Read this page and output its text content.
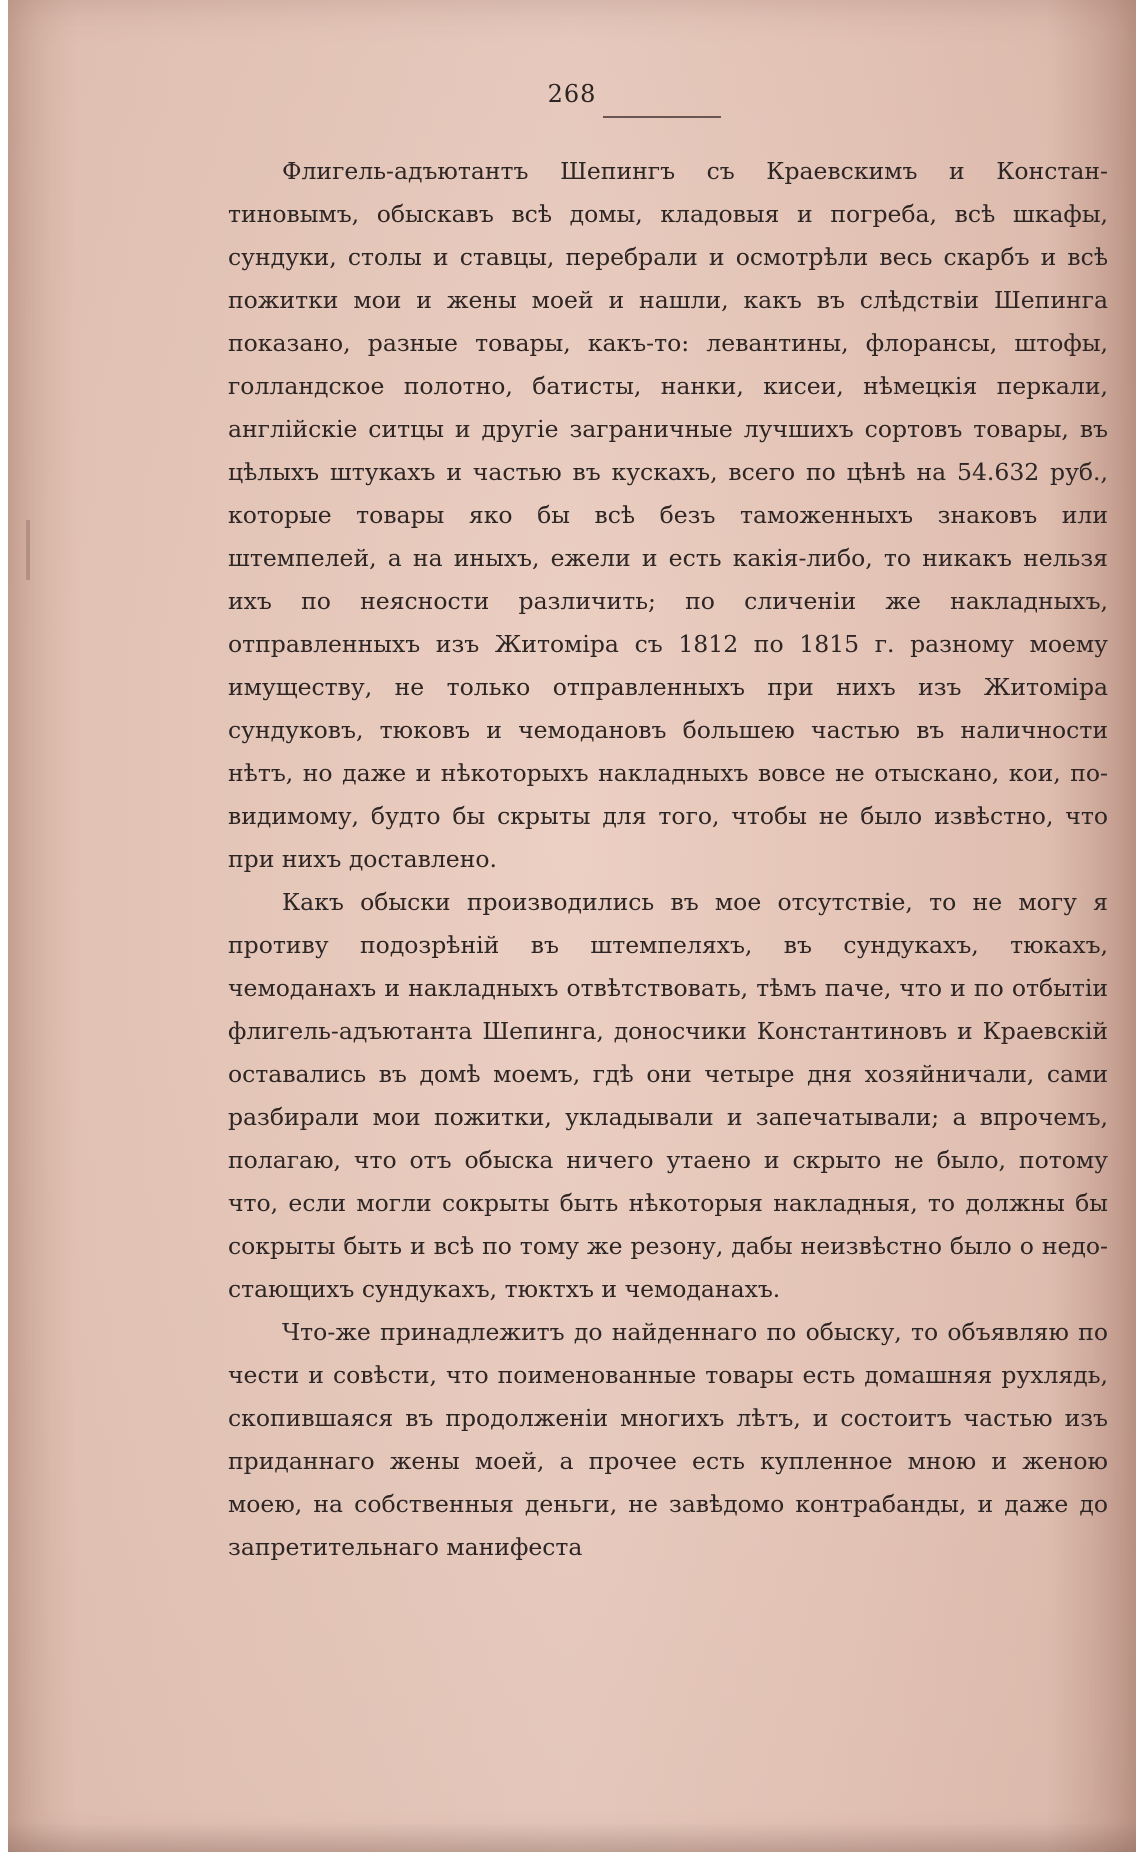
268

Флигель-адъютантъ Шепингъ съ Краевскимъ и Константиновымъ, обыскавъ всѣ домы, кладовыя и погреба, всѣ шкафы, сундуки, столы и ставцы, перебрали и осмотрѣли весь скарбъ и всѣ пожитки мои и жены моей и нашли, какъ въ слѣдствіи Шепинга показано, разные товары, какъ-то: левантины, флорансы, штофы, голландское полотно, батисты, нанки, кисеи, нѣмецкія перкали, англійскіе ситцы и другіе заграничные лучшихъ сортовъ товары, въ цѣлыхъ штукахъ и частью въ кускахъ, всего по цѣнѣ на 54.632 руб., которые товары яко бы всѣ безъ таможенныхъ знаковъ или штемпелей, а на иныхъ, ежели и есть какія-либо, то никакъ нельзя ихъ по неясности различить; по сличеніи же накладныхъ, отправленныхъ изъ Житоміра съ 1812 по 1815 г. разному моему имуществу, не только отправленныхъ при нихъ изъ Житоміра сундуковъ, тюковъ и чемодановъ большею частью въ наличности нѣтъ, но даже и нѣкоторыхъ накладныхъ вовсе не отыскано, кои, повидимому, будто бы скрыты для того, чтобы не было извѣстно, что при нихъ доставлено.

Какъ обыски производились въ мое отсутствіе, то не могу я противу подозрѣній въ штемпеляхъ, въ сундукахъ, тюкахъ, чемоданахъ и накладныхъ отвѣтствовать, тѣмъ паче, что и по отбытіи флигель-адъютанта Шепинга, доносчики Константиновъ и Краевскій оставались въ домѣ моемъ, гдѣ они четыре дня хозяйничали, сами разбирали мои пожитки, укладывали и запечатывали; а впрочемъ, полагаю, что отъ обыска ничего утаено и скрыто не было, потому что, если могли сокрыты быть нѣкоторыя накладныя, то должны бы сокрыты быть и всѣ по тому же резону, дабы неизвѣстно было о недостающихъ сундукахъ, тюктхъ и чемоданахъ.

Что-же принадлежитъ до найденнаго по обыску, то объявляю по чести и совѣсти, что поименованные товары есть домашняя рухлядь, скопившаяся въ продолженіи многихъ лѣтъ, и состоитъ частью изъ приданнаго жены моей, а прочее есть купленное мною и женою моею, на собственныя деньги, не завѣдомо контрабанды, и даже до запретительнаго манифеста
